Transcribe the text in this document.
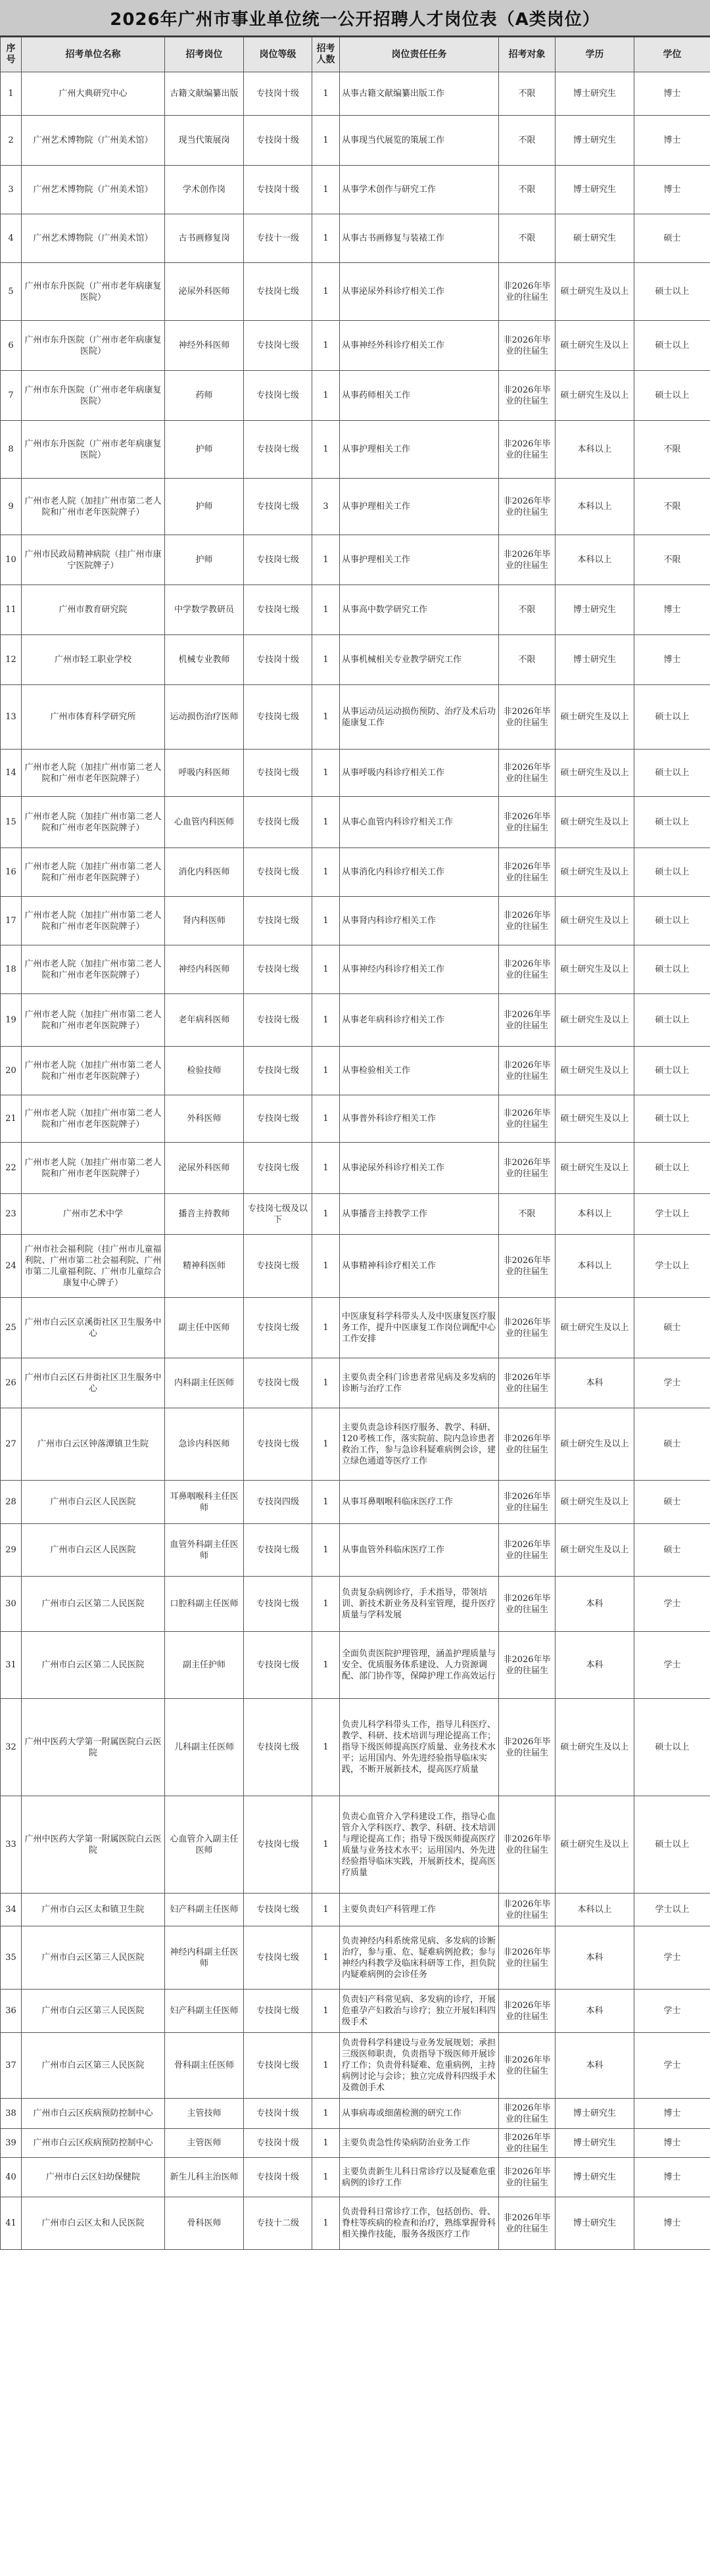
2026年广州市事业单位统一公开招聘人才岗位表（A类岗位）
序号	招考单位名称	招考岗位	岗位等级	招考人数	岗位责任任务	招考对象	学历	学位
1	广州大典研究中心	古籍文献编纂出版	专技岗十级	1	从事古籍文献编纂出版工作	不限	博士研究生	博士
2	广州艺术博物院（广州美术馆）	现当代策展岗	专技岗十级	1	从事现当代展览的策展工作	不限	博士研究生	博士
3	广州艺术博物院（广州美术馆）	学术创作岗	专技岗十级	1	从事学术创作与研究工作	不限	博士研究生	博士
4	广州艺术博物院（广州美术馆）	古书画修复岗	专技十一级	1	从事古书画修复与装裱工作	不限	硕士研究生	硕士
5	广州市东升医院（广州市老年病康复医院）	泌尿外科医师	专技岗七级	1	从事泌尿外科诊疗相关工作	非2026年毕业的往届生	硕士研究生及以上	硕士以上
6	广州市东升医院（广州市老年病康复医院）	神经外科医师	专技岗七级	1	从事神经外科诊疗相关工作	非2026年毕业的往届生	硕士研究生及以上	硕士以上
7	广州市东升医院（广州市老年病康复医院）	药师	专技岗七级	1	从事药师相关工作	非2026年毕业的往届生	硕士研究生及以上	硕士以上
8	广州市东升医院（广州市老年病康复医院）	护师	专技岗七级	1	从事护理相关工作	非2026年毕业的往届生	本科以上	不限
9	广州市老人院（加挂广州市第二老人院和广州市老年医院牌子）	护师	专技岗七级	3	从事护理相关工作	非2026年毕业的往届生	本科以上	不限
10	广州市民政局精神病院（挂广州市康宁医院牌子）	护师	专技岗七级	1	从事护理相关工作	非2026年毕业的往届生	本科以上	不限
11	广州市教育研究院	中学数学教研员	专技岗七级	1	从事高中数学研究工作	不限	博士研究生	博士
12	广州市轻工职业学校	机械专业教师	专技岗十级	1	从事机械相关专业教学研究工作	不限	博士研究生	博士
13	广州市体育科学研究所	运动损伤治疗医师	专技岗七级	1	从事运动员运动损伤预防、治疗及术后功能康复工作	非2026年毕业的往届生	硕士研究生及以上	硕士以上
14	广州市老人院（加挂广州市第二老人院和广州市老年医院牌子）	呼吸内科医师	专技岗七级	1	从事呼吸内科诊疗相关工作	非2026年毕业的往届生	硕士研究生及以上	硕士以上
15	广州市老人院（加挂广州市第二老人院和广州市老年医院牌子）	心血管内科医师	专技岗七级	1	从事心血管内科诊疗相关工作	非2026年毕业的往届生	硕士研究生及以上	硕士以上
16	广州市老人院（加挂广州市第二老人院和广州市老年医院牌子）	消化内科医师	专技岗七级	1	从事消化内科诊疗相关工作	非2026年毕业的往届生	硕士研究生及以上	硕士以上
17	广州市老人院（加挂广州市第二老人院和广州市老年医院牌子）	肾内科医师	专技岗七级	1	从事肾内科诊疗相关工作	非2026年毕业的往届生	硕士研究生及以上	硕士以上
18	广州市老人院（加挂广州市第二老人院和广州市老年医院牌子）	神经内科医师	专技岗七级	1	从事神经内科诊疗相关工作	非2026年毕业的往届生	硕士研究生及以上	硕士以上
19	广州市老人院（加挂广州市第二老人院和广州市老年医院牌子）	老年病科医师	专技岗七级	1	从事老年病科诊疗相关工作	非2026年毕业的往届生	硕士研究生及以上	硕士以上
20	广州市老人院（加挂广州市第二老人院和广州市老年医院牌子）	检验技师	专技岗七级	1	从事检验相关工作	非2026年毕业的往届生	硕士研究生及以上	硕士以上
21	广州市老人院（加挂广州市第二老人院和广州市老年医院牌子）	外科医师	专技岗七级	1	从事普外科诊疗相关工作	非2026年毕业的往届生	硕士研究生及以上	硕士以上
22	广州市老人院（加挂广州市第二老人院和广州市老年医院牌子）	泌尿外科医师	专技岗七级	1	从事泌尿外科诊疗相关工作	非2026年毕业的往届生	硕士研究生及以上	硕士以上
23	广州市艺术中学	播音主持教师	专技岗七级及以下	1	从事播音主持教学工作	不限	本科以上	学士以上
24	广州市社会福利院（挂广州市儿童福利院、广州市第二社会福利院、广州市第二儿童福利院、广州市儿童综合康复中心牌子）	精神科医师	专技岗七级	1	从事精神科诊疗相关工作	非2026年毕业的往届生	本科以上	学士以上
25	广州市白云区京溪街社区卫生服务中心	副主任中医师	专技岗七级	1	中医康复科学科带头人及中医康复医疗服务工作，提升中医康复工作岗位调配中心工作安排	非2026年毕业的往届生	硕士研究生及以上	硕士
26	广州市白云区石井街社区卫生服务中心	内科副主任医师	专技岗七级	1	主要负责全科门诊患者常见病及多发病的诊断与治疗工作	非2026年毕业的往届生	本科	学士
27	广州市白云区钟落潭镇卫生院	急诊内科医师	专技岗七级	1	主要负责急诊科医疗服务、教学、科研、120考核工作，落实院前、院内急诊患者救治工作，参与急诊科疑难病例会诊，建立绿色通道等医疗工作	非2026年毕业的往届生	硕士研究生及以上	硕士
28	广州市白云区人民医院	耳鼻咽喉科主任医师	专技岗四级	1	从事耳鼻咽喉科临床医疗工作	非2026年毕业的往届生	硕士研究生及以上	硕士
29	广州市白云区人民医院	血管外科副主任医师	专技岗七级	1	从事血管外科临床医疗工作	非2026年毕业的往届生	硕士研究生及以上	硕士
30	广州市白云区第二人民医院	口腔科副主任医师	专技岗七级	1	负责复杂病例诊疗，手术指导，带领培训、新技术新业务及科室管理，提升医疗质量与学科发展	非2026年毕业的往届生	本科	学士
31	广州市白云区第二人民医院	副主任护师	专技岗七级	1	全面负责医院护理管理，涵盖护理质量与安全、优质服务体系建设、人力资源调配、部门协作等，保障护理工作高效运行	非2026年毕业的往届生	本科	学士
32	广州中医药大学第一附属医院白云医院	儿科副主任医师	专技岗七级	1	负责儿科学科带头工作，指导儿科医疗、教学、科研、技术培训与理论提高工作；指导下级医师提高医疗质量、业务技术水平；运用国内、外先进经验指导临床实践，不断开展新技术，提高医疗质量	非2026年毕业的往届生	硕士研究生及以上	硕士以上
33	广州中医药大学第一附属医院白云医院	心血管介入副主任医师	专技岗七级	1	负责心血管介入学科建设工作，指导心血管介入学科医疗、教学、科研、技术培训与理论提高工作；指导下级医师提高医疗质量与业务技术水平；运用国内、外先进经验指导临床实践，开展新技术，提高医疗质量	非2026年毕业的往届生	硕士研究生及以上	硕士以上
34	广州市白云区太和镇卫生院	妇产科副主任医师	专技岗七级	1	主要负责妇产科管理工作	非2026年毕业的往届生	本科以上	学士以上
35	广州市白云区第三人民医院	神经内科副主任医师	专技岗七级	1	负责神经内科系统常见病、多发病的诊断治疗，参与重、危、疑难病例抢救；参与神经内科教学及临床科研等工作，担负院内疑难病例的会诊任务	非2026年毕业的往届生	本科	学士
36	广州市白云区第三人民医院	妇产科副主任医师	专技岗七级	1	负责妇产科常见病、多发病的诊疗，开展危重孕产妇救治与诊疗；独立开展妇科四级手术	非2026年毕业的往届生	本科	学士
37	广州市白云区第三人民医院	骨科副主任医师	专技岗七级	1	负责骨科学科建设与业务发展规划；承担三级医师职责，负责指导下级医师开展诊疗工作；负责骨科疑难、危重病例，主持病例讨论与会诊；独立完成骨科四级手术及微创手术	非2026年毕业的往届生	本科	学士
38	广州市白云区疾病预防控制中心	主管技师	专技岗十级	1	从事病毒或细菌检测的研究工作	非2026年毕业的往届生	博士研究生	博士
39	广州市白云区疾病预防控制中心	主管医师	专技岗十级	1	主要负责急性传染病防治业务工作	非2026年毕业的往届生	博士研究生	博士
40	广州市白云区妇幼保健院	新生儿科主治医师	专技岗十级	1	主要负责新生儿科日常诊疗以及疑难危重病例的诊疗工作	非2026年毕业的往届生	博士研究生	博士
41	广州市白云区太和人民医院	骨科医师	专技十二级	1	负责骨科日常诊疗工作，包括创伤、骨、脊柱等疾病的检查和治疗，熟练掌握骨科相关操作技能，服务各级医疗工作	非2026年毕业的往届生	博士研究生	博士
